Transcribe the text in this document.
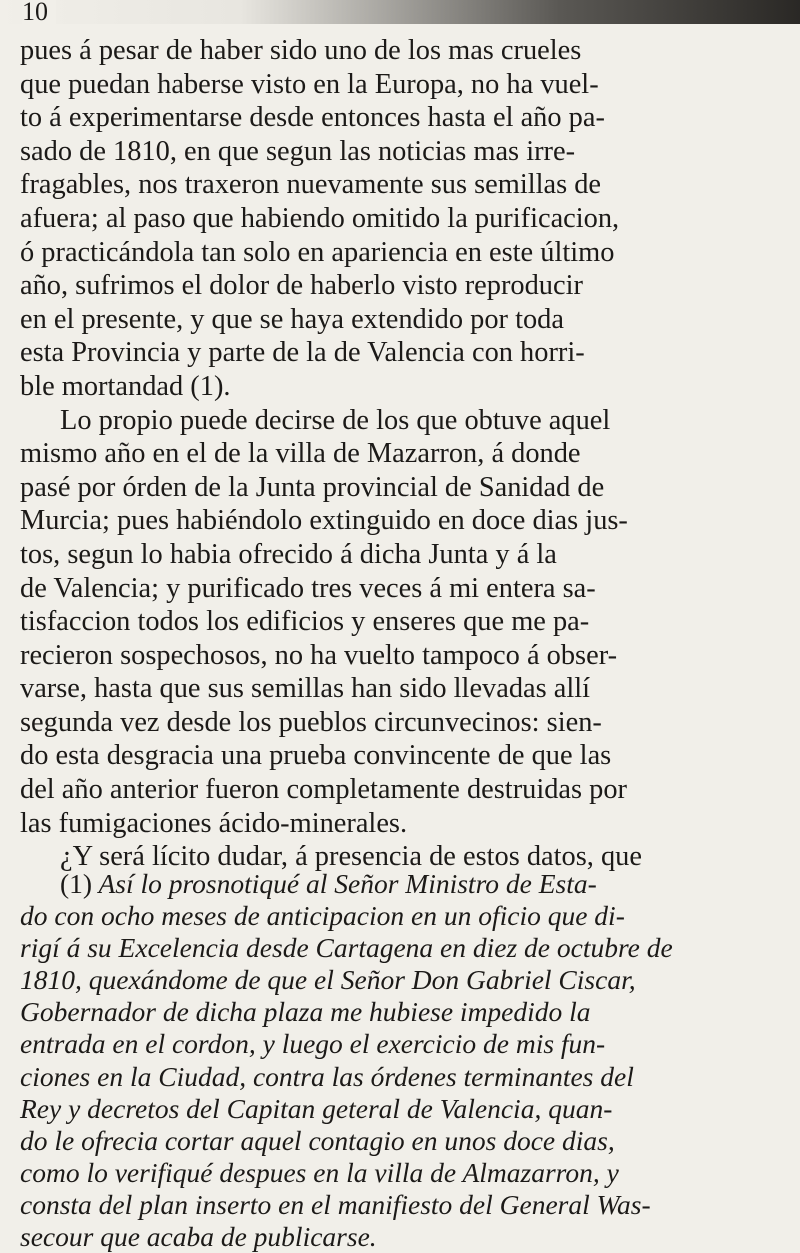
10
pues á pesar de haber sido uno de los mas crueles
que puedan haberse visto en la Europa, no ha vuel-
to á experimentarse desde entonces hasta el año pa-
sado de 1810, en que segun las noticias mas irre-
fragables, nos traxeron nuevamente sus semillas de
afuera; al paso que habiendo omitido la purificacion,
ó practicándola tan solo en apariencia en este último
año, sufrimos el dolor de haberlo visto reproducir
en el presente, y que se haya extendido por toda
esta Provincia y parte de la de Valencia con horri-
ble mortandad (1).
Lo propio puede decirse de los que obtuve aquel
mismo año en el de la villa de Mazarron, á donde
pasé por órden de la Junta provincial de Sanidad de
Murcia; pues habiéndolo extinguido en doce dias jus-
tos, segun lo habia ofrecido á dicha Junta y á la
de Valencia; y purificado tres veces á mi entera sa-
tisfaccion todos los edificios y enseres que me pa-
recieron sospechosos, no ha vuelto tampoco á obser-
varse, hasta que sus semillas han sido llevadas allí
segunda vez desde los pueblos circunvecinos: sien-
do esta desgracia una prueba convincente de que las
del año anterior fueron completamente destruidas por
las fumigaciones ácido-minerales.
¿Y será lícito dudar, á presencia de estos datos, que
(1) Así lo prosnotiqué al Señor Ministro de Esta-
do con ocho meses de anticipacion en un oficio que di-
rigí á su Excelencia desde Cartagena en diez de octubre de
1810, quexándome de que el Señor Don Gabriel Ciscar,
Gobernador de dicha plaza me hubiese impedido la
entrada en el cordon, y luego el exercicio de mis fun-
ciones en la Ciudad, contra las órdenes terminantes del
Rey y decretos del Capitan geteral de Valencia, quan-
do le ofrecia cortar aquel contagio en unos doce dias,
como lo verifiqué despues en la villa de Almazarron, y
consta del plan inserto en el manifiesto del General Was-
secour que acaba de publicarse.
